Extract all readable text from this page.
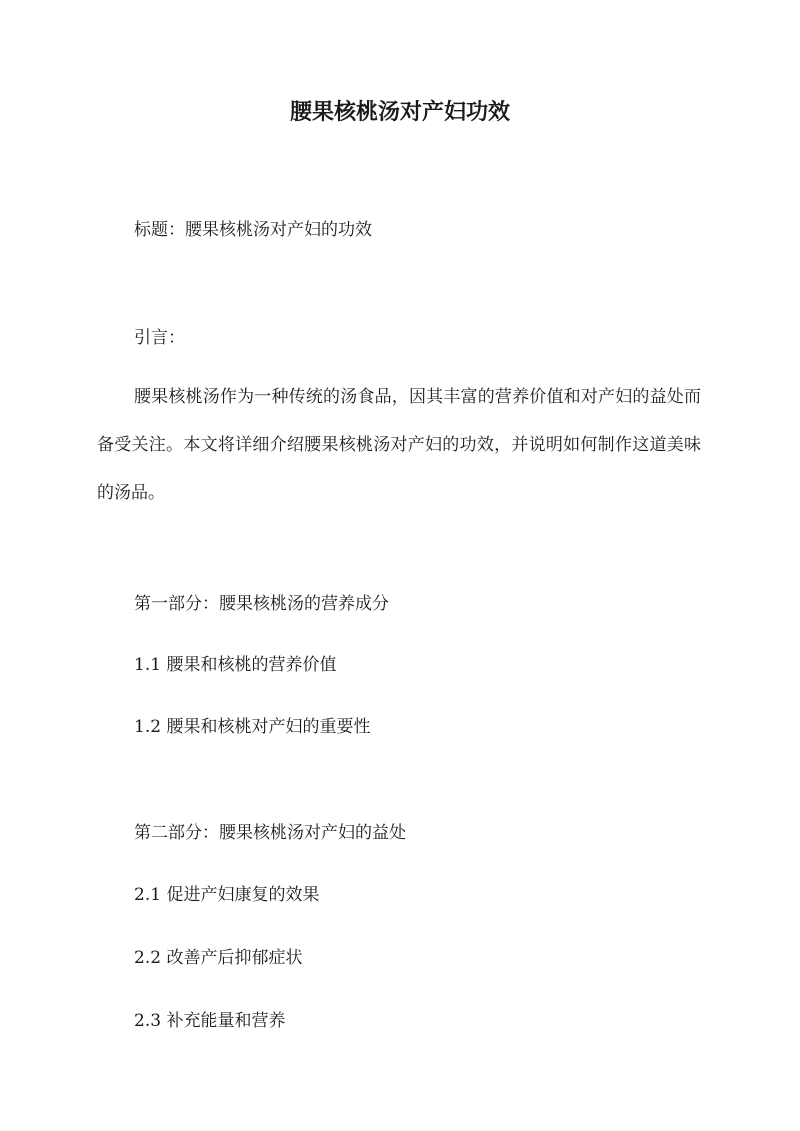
腰果核桃汤对产妇功效

标题：腰果核桃汤对产妇的功效

引言：

腰果核桃汤作为一种传统的汤食品，因其丰富的营养价值和对产妇的益处而备受关注。本文将详细介绍腰果核桃汤对产妇的功效，并说明如何制作这道美味的汤品。

第一部分：腰果核桃汤的营养成分

1.1 腰果和核桃的营养价值

1.2 腰果和核桃对产妇的重要性

第二部分：腰果核桃汤对产妇的益处

2.1 促进产妇康复的效果

2.2 改善产后抑郁症状

2.3 补充能量和营养
